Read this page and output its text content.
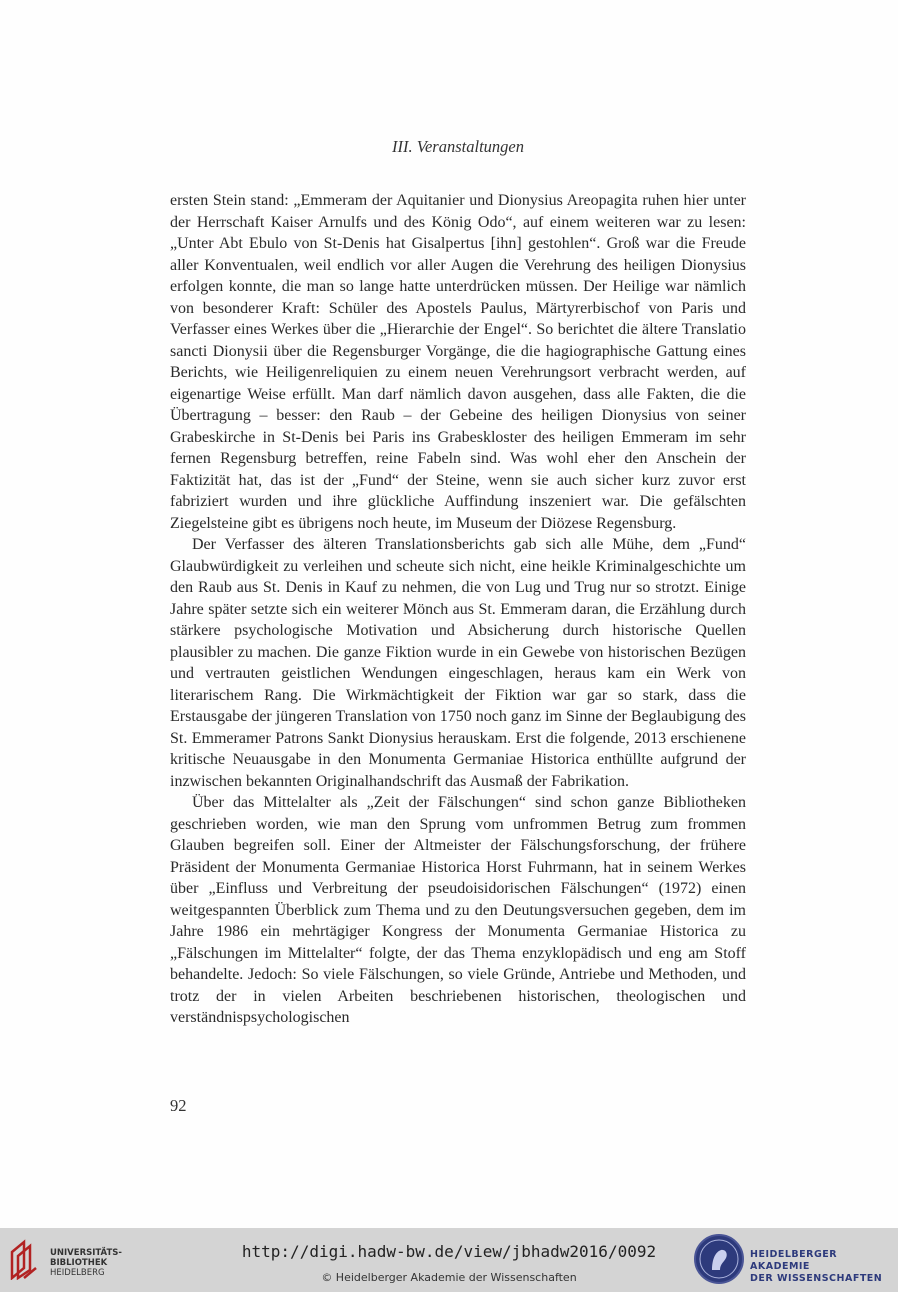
III. Veranstaltungen

ersten Stein stand: „Emmeram der Aquitanier und Dionysius Areopagita ruhen hier unter der Herrschaft Kaiser Arnulfs und des König Odo“, auf einem weiteren war zu lesen: „Unter Abt Ebulo von St-Denis hat Gisalpertus [ihn] gestohlen“. Groß war die Freude aller Konventualen, weil endlich vor aller Augen die Verehrung des heiligen Dionysius erfolgen konnte, die man so lange hatte unterdrücken müssen. Der Heilige war nämlich von besonderer Kraft: Schüler des Apostels Paulus, Märtyrerbischof von Paris und Verfasser eines Werkes über die „Hierarchie der Engel“. So berichtet die ältere Translatio sancti Dionysii über die Regensburger Vorgänge, die die hagiographische Gattung eines Berichts, wie Heiligenreliquien zu einem neuen Verehrungsort verbracht werden, auf eigenartige Weise erfüllt. Man darf nämlich davon ausgehen, dass alle Fakten, die die Übertragung – besser: den Raub – der Gebeine des heiligen Dionysius von seiner Grabeskirche in St-Denis bei Paris ins Grabeskloster des heiligen Emmeram im sehr fernen Regensburg betreffen, reine Fabeln sind. Was wohl eher den Anschein der Faktizität hat, das ist der „Fund“ der Steine, wenn sie auch sicher kurz zuvor erst fabriziert wurden und ihre glückliche Auffindung inszeniert war. Die gefälschten Ziegelsteine gibt es übrigens noch heute, im Museum der Diözese Regensburg.

Der Verfasser des älteren Translationsberichts gab sich alle Mühe, dem „Fund“ Glaubwürdigkeit zu verleihen und scheute sich nicht, eine heikle Kriminalgeschichte um den Raub aus St. Denis in Kauf zu nehmen, die von Lug und Trug nur so strotzt. Einige Jahre später setzte sich ein weiterer Mönch aus St. Emmeram daran, die Erzählung durch stärkere psychologische Motivation und Absicherung durch historische Quellen plausibler zu machen. Die ganze Fiktion wurde in ein Gewebe von historischen Bezügen und vertrauten geistlichen Wendungen eingeschlagen, heraus kam ein Werk von literarischem Rang. Die Wirkmächtigkeit der Fiktion war gar so stark, dass die Erstausgabe der jüngeren Translation von 1750 noch ganz im Sinne der Beglaubigung des St. Emmeramer Patrons Sankt Dionysius herauskam. Erst die folgende, 2013 erschienene kritische Neuausgabe in den Monumenta Germaniae Historica enthüllte aufgrund der inzwischen bekannten Originalhandschrift das Ausmaß der Fabrikation.

Über das Mittelalter als „Zeit der Fälschungen“ sind schon ganze Bibliotheken geschrieben worden, wie man den Sprung vom unfrommen Betrug zum frommen Glauben begreifen soll. Einer der Altmeister der Fälschungsforschung, der frühere Präsident der Monumenta Germaniae Historica Horst Fuhrmann, hat in seinem Werkes über „Einfluss und Verbreitung der pseudoisidorischen Fälschungen“ (1972) einen weitgespannten Überblick zum Thema und zu den Deutungsversuchen gegeben, dem im Jahre 1986 ein mehrtägiger Kongress der Monumenta Germaniae Historica zu „Fälschungen im Mittelalter“ folgte, der das Thema enzyklopädisch und eng am Stoff behandelte. Jedoch: So viele Fälschungen, so viele Gründe, Antriebe und Methoden, und trotz der in vielen Arbeiten beschriebenen historischen, theologischen und verständnispsychologischen

92
UNIVERSITÄTS-
BIBLIOTHEK
HEIDELBERG
http://digi.hadw-bw.de/view/jbhadw2016/0092
© Heidelberger Akademie der Wissenschaften
HEIDELBERGER AKADEMIE
DER WISSENSCHAFTEN
